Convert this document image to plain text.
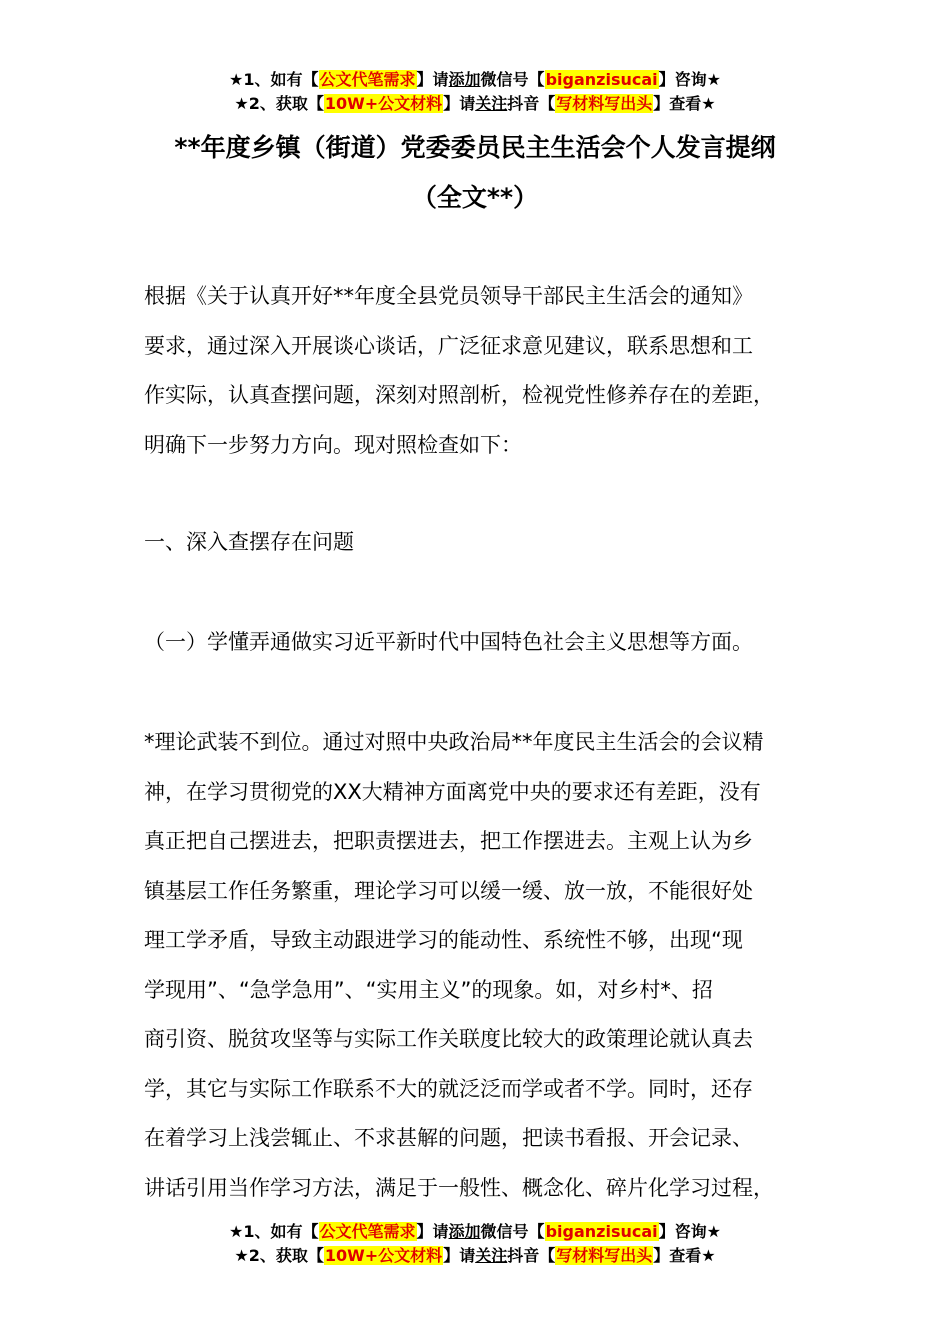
★1、如有【公文代笔需求】请添加微信号【biganzisucai】咨询★
★2、获取【10W+公文材料】请关注抖音【写材料写出头】查看★
**年度乡镇（街道）党委委员民主生活会个人发言提纲
（全文**）
根据《关于认真开好**年度全县党员领导干部民主生活会的通知》
要求，通过深入开展谈心谈话，广泛征求意见建议，联系思想和工
作实际，认真查摆问题，深刻对照剖析，检视党性修养存在的差距，
明确下一步努力方向。现对照检查如下：
一、深入查摆存在问题
（一）学懂弄通做实习近平新时代中国特色社会主义思想等方面。
*理论武装不到位。通过对照中央政治局**年度民主生活会的会议精
神，在学习贯彻党的XX大精神方面离党中央的要求还有差距，没有
真正把自己摆进去，把职责摆进去，把工作摆进去。主观上认为乡
镇基层工作任务繁重，理论学习可以缓一缓、放一放，不能很好处
理工学矛盾，导致主动跟进学习的能动性、系统性不够，出现“现
学现用”、“急学急用”、“实用主义”的现象。如，对乡村*、招
商引资、脱贫攻坚等与实际工作关联度比较大的政策理论就认真去
学，其它与实际工作联系不大的就泛泛而学或者不学。同时，还存
在着学习上浅尝辄止、不求甚解的问题，把读书看报、开会记录、
讲话引用当作学习方法，满足于一般性、概念化、碎片化学习过程，
★1、如有【公文代笔需求】请添加微信号【biganzisucai】咨询★
★2、获取【10W+公文材料】请关注抖音【写材料写出头】查看★
